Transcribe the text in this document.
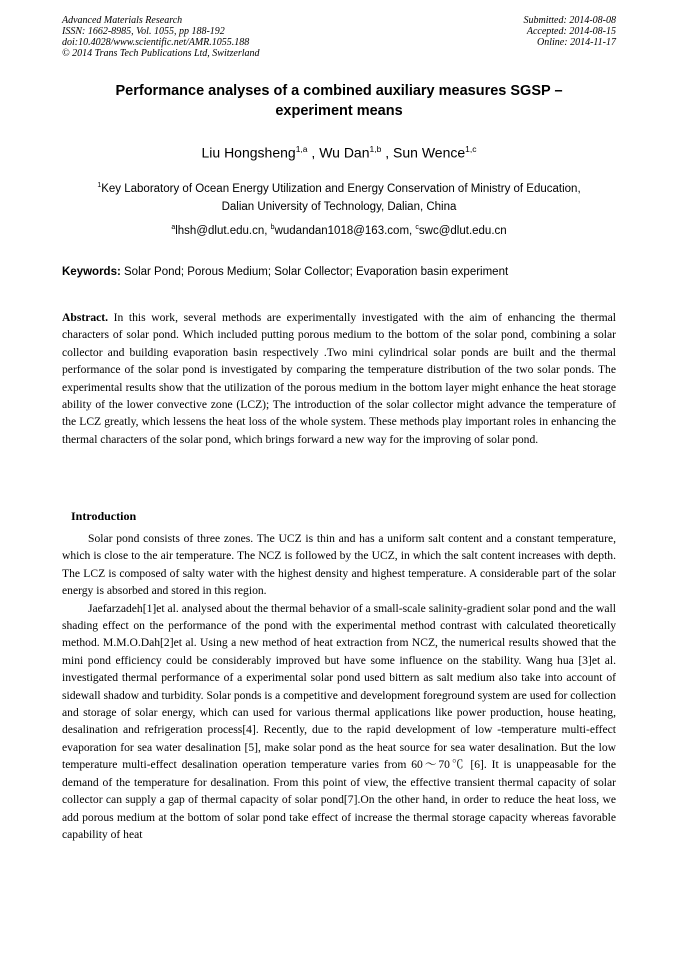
Advanced Materials Research
ISSN: 1662-8985, Vol. 1055, pp 188-192
doi:10.4028/www.scientific.net/AMR.1055.188
© 2014 Trans Tech Publications Ltd, Switzerland
Submitted: 2014-08-08
Accepted: 2014-08-15
Online: 2014-11-17
Performance analyses of a combined auxiliary measures SGSP –
experiment means
Liu Hongsheng$^{1,a}$ , Wu Dan$^{1,b}$ , Sun Wence$^{1,c}$
$^1$Key Laboratory of Ocean Energy Utilization and Energy Conservation of Ministry of Education,
Dalian University of Technology, Dalian, China
$^a$lhsh@dlut.edu.cn, $^b$wudandan1018@163.com, $^c$swc@dlut.edu.cn
Keywords: Solar Pond; Porous Medium; Solar Collector; Evaporation basin experiment
Abstract. In this work, several methods are experimentally investigated with the aim of enhancing the thermal characters of solar pond. Which included putting porous medium to the bottom of the solar pond, combining a solar collector and building evaporation basin respectively .Two mini cylindrical solar ponds are built and the thermal performance of the solar pond is investigated by comparing the temperature distribution of the two solar ponds. The experimental results show that the utilization of the porous medium in the bottom layer might enhance the heat storage ability of the lower convective zone (LCZ); The introduction of the solar collector might advance the temperature of the LCZ greatly, which lessens the heat loss of the whole system. These methods play important roles in enhancing the thermal characters of the solar pond, which brings forward a new way for the improving of solar pond.
Introduction

Solar pond consists of three zones. The UCZ is thin and has a uniform salt content and a constant temperature, which is close to the air temperature. The NCZ is followed by the UCZ, in which the salt content increases with depth. The LCZ is composed of salty water with the highest density and highest temperature. A considerable part of the solar energy is absorbed and stored in this region.

Jaefarzadeh[1]et al. analysed about the thermal behavior of a small-scale salinity-gradient solar pond and the wall shading effect on the performance of the pond with the experimental method contrast with calculated theoretically method. M.M.O.Dah[2]et al. Using a new method of heat extraction from NCZ, the numerical results showed that the mini pond efficiency could be considerably improved but have some influence on the stability. Wang hua [3]et al. investigated thermal performance of a experimental solar pond used bittern as salt medium also take into account of sidewall shadow and turbidity. Solar ponds is a competitive and development foreground system are used for collection and storage of solar energy, which can used for various thermal applications like power production, house heating, desalination and refrigeration process[4]. Recently, due to the rapid development of low -temperature multi-effect evaporation for sea water desalination [5], make solar pond as the heat source for sea water desalination. But the low temperature multi-effect desalination operation temperature varies from 60～70℃ [6]. It is unappeasable for the demand of the temperature for desalination. From this point of view, the effective transient thermal capacity of solar collector can supply a gap of thermal capacity of solar pond[7].On the other hand, in order to reduce the heat loss, we add porous medium at the bottom of solar pond take effect of increase the thermal storage capacity whereas favorable capability of heat
